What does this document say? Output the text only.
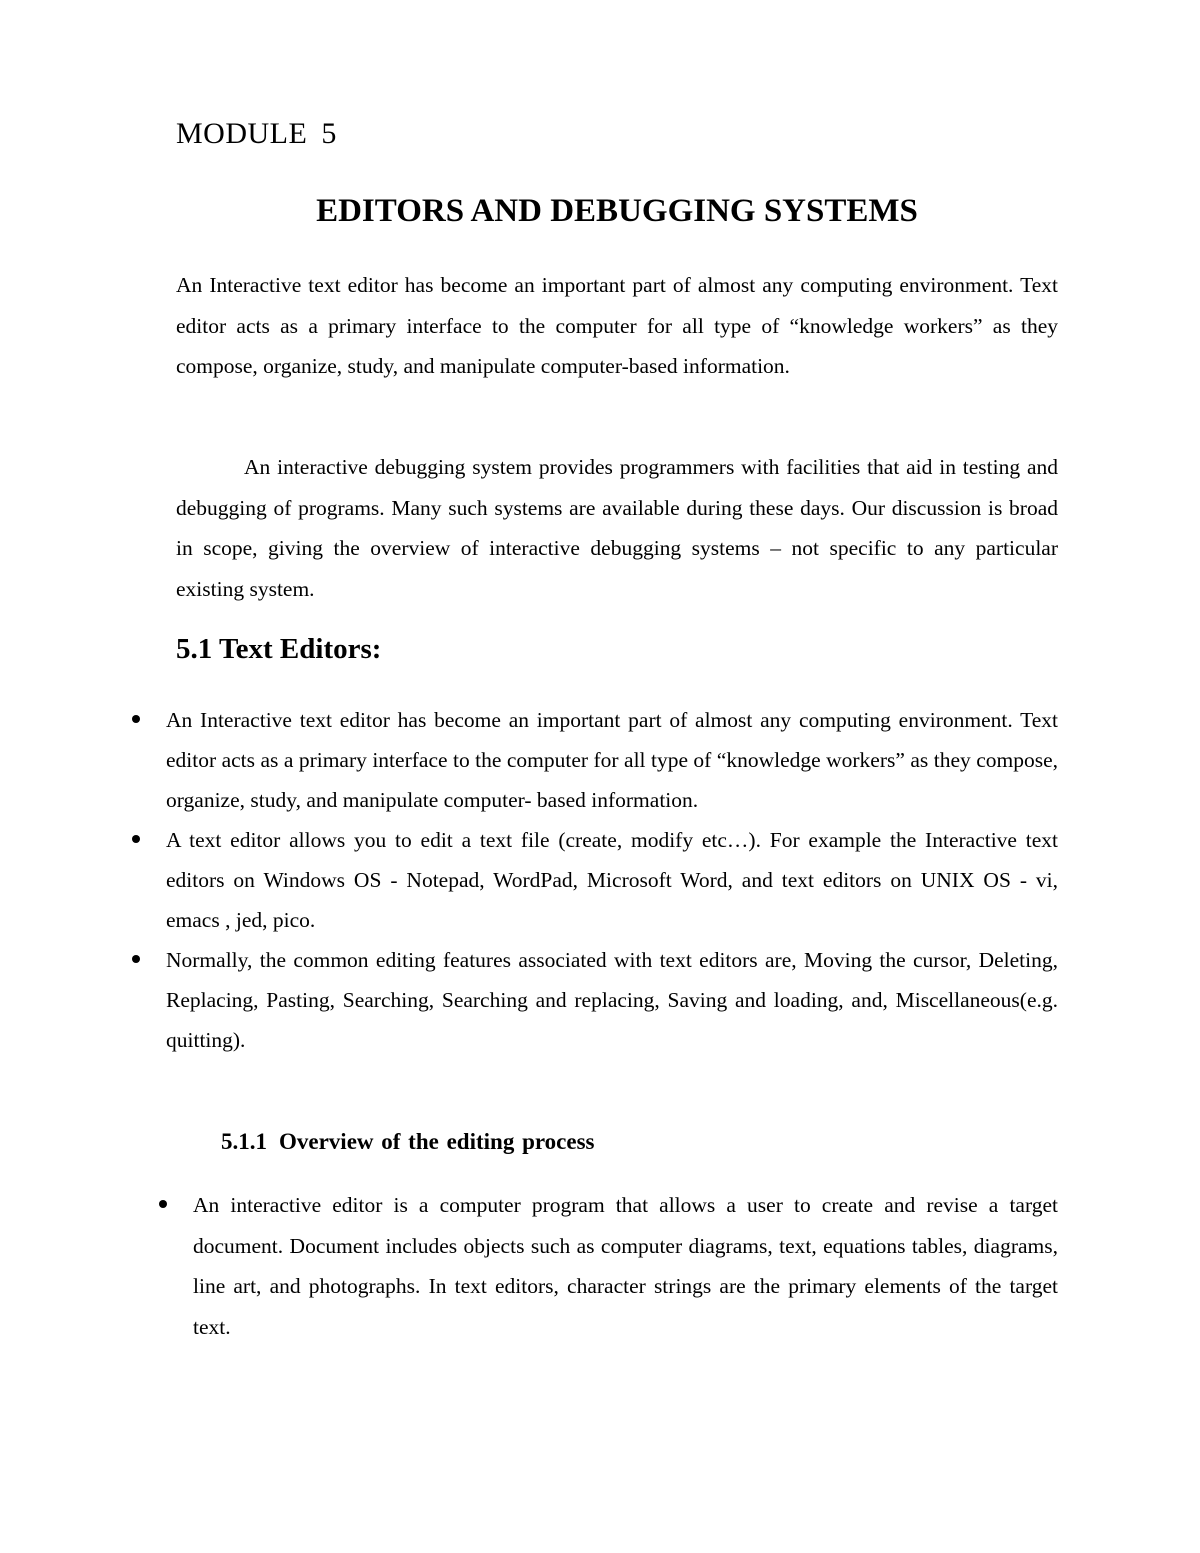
MODULE 5
EDITORS AND DEBUGGING SYSTEMS

An Interactive text editor has become an important part of almost any computing environment. Text editor acts as a primary interface to the computer for all type of “knowledge workers” as they compose, organize, study, and manipulate computer-based information.

An interactive debugging system provides programmers with facilities that aid in testing and debugging of programs. Many such systems are available during these days. Our discussion is broad in scope, giving the overview of interactive debugging systems – not specific to any particular existing system.

5.1 Text Editors:
An Interactive text editor has become an important part of almost any computing environment. Text editor acts as a primary interface to the computer for all type of “knowledge workers” as they compose, organize, study, and manipulate computer- based information.
A text editor allows you to edit a text file (create, modify etc…). For example the Interactive text editors on Windows OS - Notepad, WordPad, Microsoft Word, and text editors on UNIX OS - vi, emacs , jed, pico.
Normally, the common editing features associated with text editors are, Moving the cursor, Deleting, Replacing, Pasting, Searching, Searching and replacing, Saving and loading, and, Miscellaneous(e.g. quitting).
5.1.1 Overview of the editing process
An interactive editor is a computer program that allows a user to create and revise a target document. Document includes objects such as computer diagrams, text, equations tables, diagrams, line art, and photographs. In text editors, character strings are the primary elements of the target text.
